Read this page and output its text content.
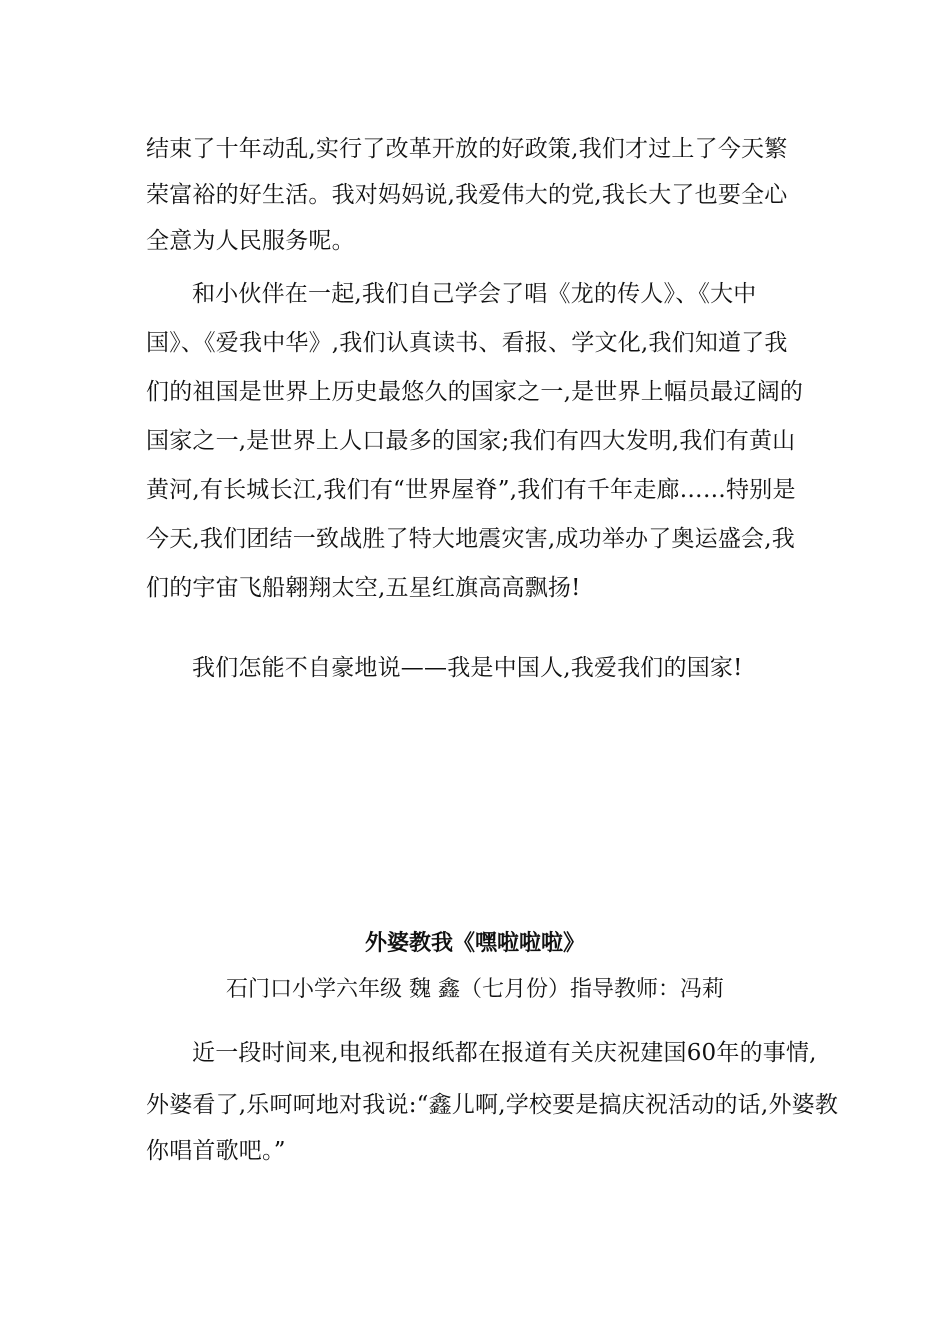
结束了十年动乱,实行了改革开放的好政策,我们才过上了今天繁荣富裕的好生活。我对妈妈说,我爱伟大的党,我长大了也要全心全意为人民服务呢。

和小伙伴在一起,我们自己学会了唱《龙的传人》、《大中国》、《爱我中华》,我们认真读书、看报、学文化,我们知道了我们的祖国是世界上历史最悠久的国家之一,是世界上幅员最辽阔的国家之一,是世界上人口最多的国家;我们有四大发明,我们有黄山黄河,有长城长江,我们有“世界屋脊”,我们有千年走廊……特别是今天,我们团结一致战胜了特大地震灾害,成功举办了奥运盛会,我们的宇宙飞船翱翔太空,五星红旗高高飘扬!

我们怎能不自豪地说——我是中国人,我爱我们的国家!

外婆教我《嘿啦啦啦》

石门口小学六年级 魏 鑫（七月份）指导教师：冯莉

近一段时间来,电视和报纸都在报道有关庆祝建国60年的事情,
外婆看了,乐呵呵地对我说:“鑫儿啊,学校要是搞庆祝活动的话,外婆教
你唱首歌吧。”
